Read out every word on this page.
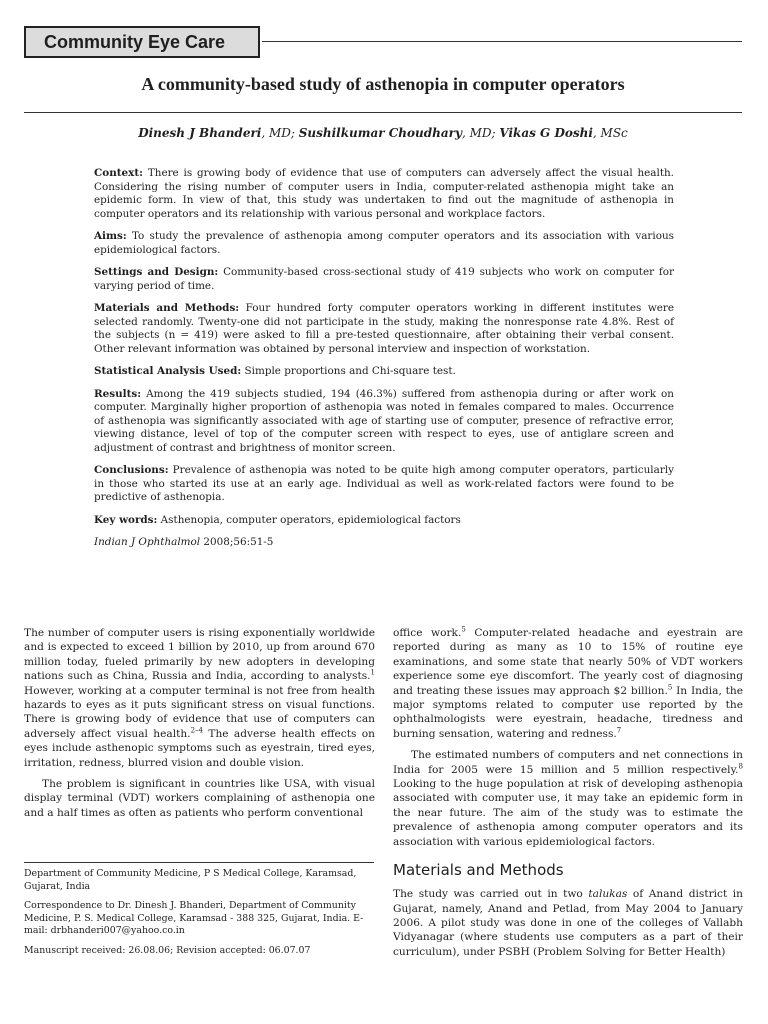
Community Eye Care
A community-based study of asthenopia in computer operators
Dinesh J Bhanderi, MD; Sushilkumar Choudhary, MD; Vikas G Doshi, MSc

Context: There is growing body of evidence that use of computers can adversely affect the visual health. Considering the rising number of computer users in India, computer-related asthenopia might take an epidemic form. In view of that, this study was undertaken to find out the magnitude of asthenopia in computer operators and its relationship with various personal and workplace factors.

Aims: To study the prevalence of asthenopia among computer operators and its association with various epidemiological factors.

Settings and Design: Community-based cross-sectional study of 419 subjects who work on computer for varying period of time.

Materials and Methods: Four hundred forty computer operators working in different institutes were selected randomly. Twenty-one did not participate in the study, making the nonresponse rate 4.8%. Rest of the subjects (n = 419) were asked to fill a pre-tested questionnaire, after obtaining their verbal consent. Other relevant information was obtained by personal interview and inspection of workstation.

Statistical Analysis Used: Simple proportions and Chi-square test.

Results: Among the 419 subjects studied, 194 (46.3%) suffered from asthenopia during or after work on computer. Marginally higher proportion of asthenopia was noted in females compared to males. Occurrence of asthenopia was significantly associated with age of starting use of computer, presence of refractive error, viewing distance, level of top of the computer screen with respect to eyes, use of antiglare screen and adjustment of contrast and brightness of monitor screen.

Conclusions: Prevalence of asthenopia was noted to be quite high among computer operators, particularly in those who started its use at an early age. Individual as well as work-related factors were found to be predictive of asthenopia.

Key words: Asthenopia, computer operators, epidemiological factors

Indian J Ophthalmol 2008;56:51-5

The number of computer users is rising exponentially worldwide and is expected to exceed 1 billion by 2010, up from around 670 million today, fueled primarily by new adopters in developing nations such as China, Russia and India, according to analysts.$^1$ However, working at a computer terminal is not free from health hazards to eyes as it puts significant stress on visual functions. There is growing body of evidence that use of computers can adversely affect visual health.$^{2-4}$ The adverse health effects on eyes include asthenopic symptoms such as eyestrain, tired eyes, irritation, redness, blurred vision and double vision.

The problem is significant in countries like USA, with visual display terminal (VDT) workers complaining of asthenopia one and a half times as often as patients who perform conventional

Department of Community Medicine, P S Medical College, Karamsad, Gujarat, India

Correspondence to Dr. Dinesh J. Bhanderi, Department of Community Medicine, P. S. Medical College, Karamsad - 388 325, Gujarat, India. E-mail: drbhanderi007@yahoo.co.in

Manuscript received: 26.08.06; Revision accepted: 06.07.07

office work.$^5$ Computer-related headache and eyestrain are reported during as many as 10 to 15% of routine eye examinations, and some state that nearly 50% of VDT workers experience some eye discomfort. The yearly cost of diagnosing and treating these issues may approach $2 billion.$^5$ In India, the major symptoms related to computer use reported by the ophthalmologists were eyestrain, headache, tiredness and burning sensation, watering and redness.$^7$

The estimated numbers of computers and net connections in India for 2005 were 15 million and 5 million respectively.$^8$ Looking to the huge population at risk of developing asthenopia associated with computer use, it may take an epidemic form in the near future. The aim of the study was to estimate the prevalence of asthenopia among computer operators and its association with various epidemiological factors.

Materials and Methods

The study was carried out in two talukas of Anand district in Gujarat, namely, Anand and Petlad, from May 2004 to January 2006. A pilot study was done in one of the colleges of Vallabh Vidyanagar (where students use computers as a part of their curriculum), under PSBH (Problem Solving for Better Health)
